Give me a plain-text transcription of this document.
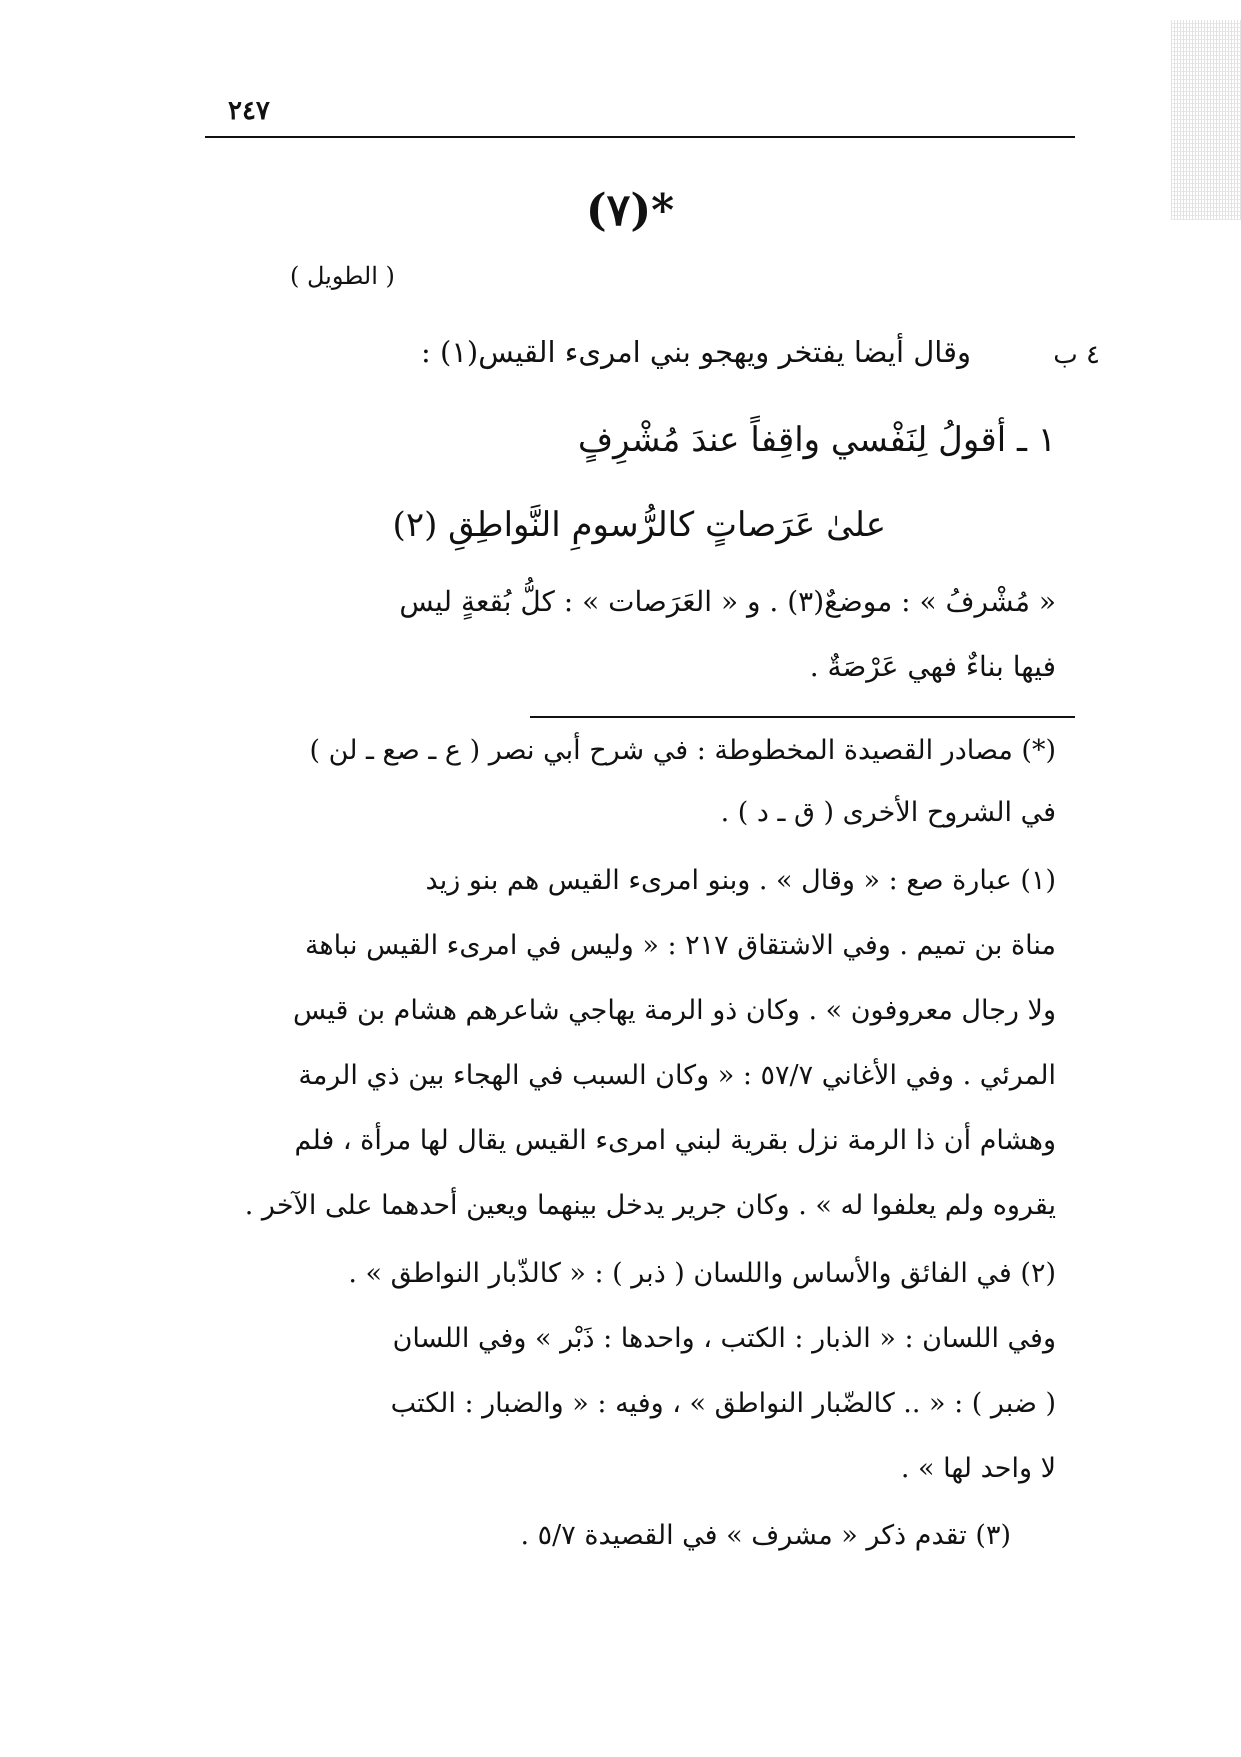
٢٤٧
*(٧)
( الطويل )
٤ ب
وقال أيضا يفتخر ويهجو بني امرىء القيس(١) :
١ ـ أقولُ لِنَفْسي واقِفاً عندَ مُشْرِفٍ
علىٰ عَرَصاتٍ كالرُّسومِ النَّواطِقِ (٢)
« مُشْرفُ » : موضعٌ(٣) . و « العَرَصات » : كلُّ بُقعةٍ ليس
فيها بناءٌ فهي عَرْصَةٌ .
(*) مصادر القصيدة المخطوطة : في شرح أبي نصر ( ع ـ صع ـ لن )
في الشروح الأخرى ( ق ـ د ) .
(١) عبارة صع : « وقال » . وبنو امرىء القيس هم بنو زيد
مناة بن تميم . وفي الاشتقاق ٢١٧ : « وليس في امرىء القيس نباهة
ولا رجال معروفون » . وكان ذو الرمة يهاجي شاعرهم هشام بن قيس
المرئي . وفي الأغاني ٥٧/٧ : « وكان السبب في الهجاء بين ذي الرمة
وهشام أن ذا الرمة نزل بقرية لبني امرىء القيس يقال لها مرأة ، فلم
يقروه ولم يعلفوا له » . وكان جرير يدخل بينهما ويعين أحدهما على الآخر .
(٢) في الفائق والأساس واللسان ( ذبر ) : « كالذّبار النواطق » .
وفي اللسان : « الذبار : الكتب ، واحدها : ذَبْر » وفي اللسان
( ضبر ) : « .. كالضّبار النواطق » ، وفيه : « والضبار : الكتب
لا واحد لها » .
(٣) تقدم ذكر « مشرف » في القصيدة ٥/٧ .
